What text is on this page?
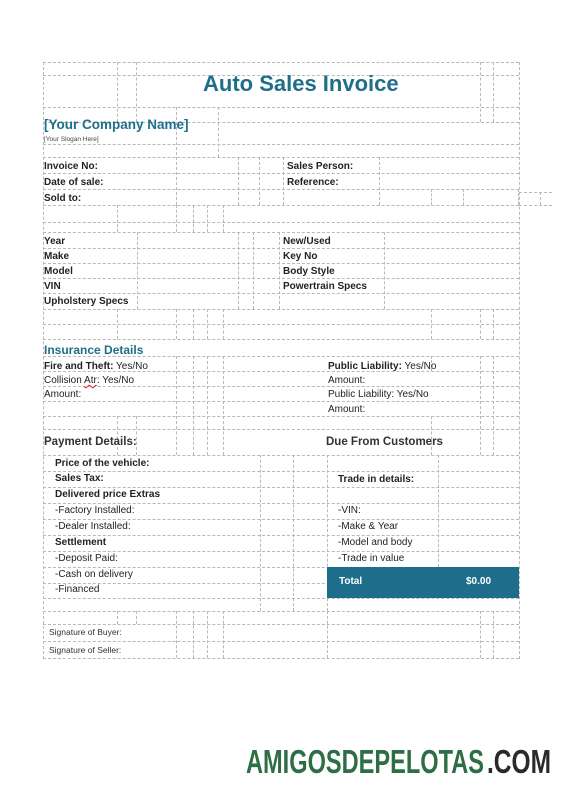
Auto Sales Invoice
[Your Company Name]
[Your Slogan Here]
Invoice No:
Date of sale:
Sold to:
Sales Person:
Reference:
Year
Make
Model
VIN
Upholstery Specs
New/Used
Key No
Body Style
Powertrain Specs
Insurance Details
Fire and Theft: Yes/No
Collision Atr: Yes/No
Amount:
Public Liability: Yes/No
Amount:
Public Liability: Yes/No
Amount:
Payment Details:
Price of the vehicle:
Sales Tax:
Delivered price Extras
-Factory Installed:
-Dealer Installed:
Settlement
-Deposit Paid:
-Cash on delivery
-Financed
Due From Customers
Trade in details:
-VIN:
-Make & Year
-Model and body
-Trade in value
Total	$0.00
Signature of Buyer:
Signature of Seller:
AMIGOSDEPELOTAS .COM
